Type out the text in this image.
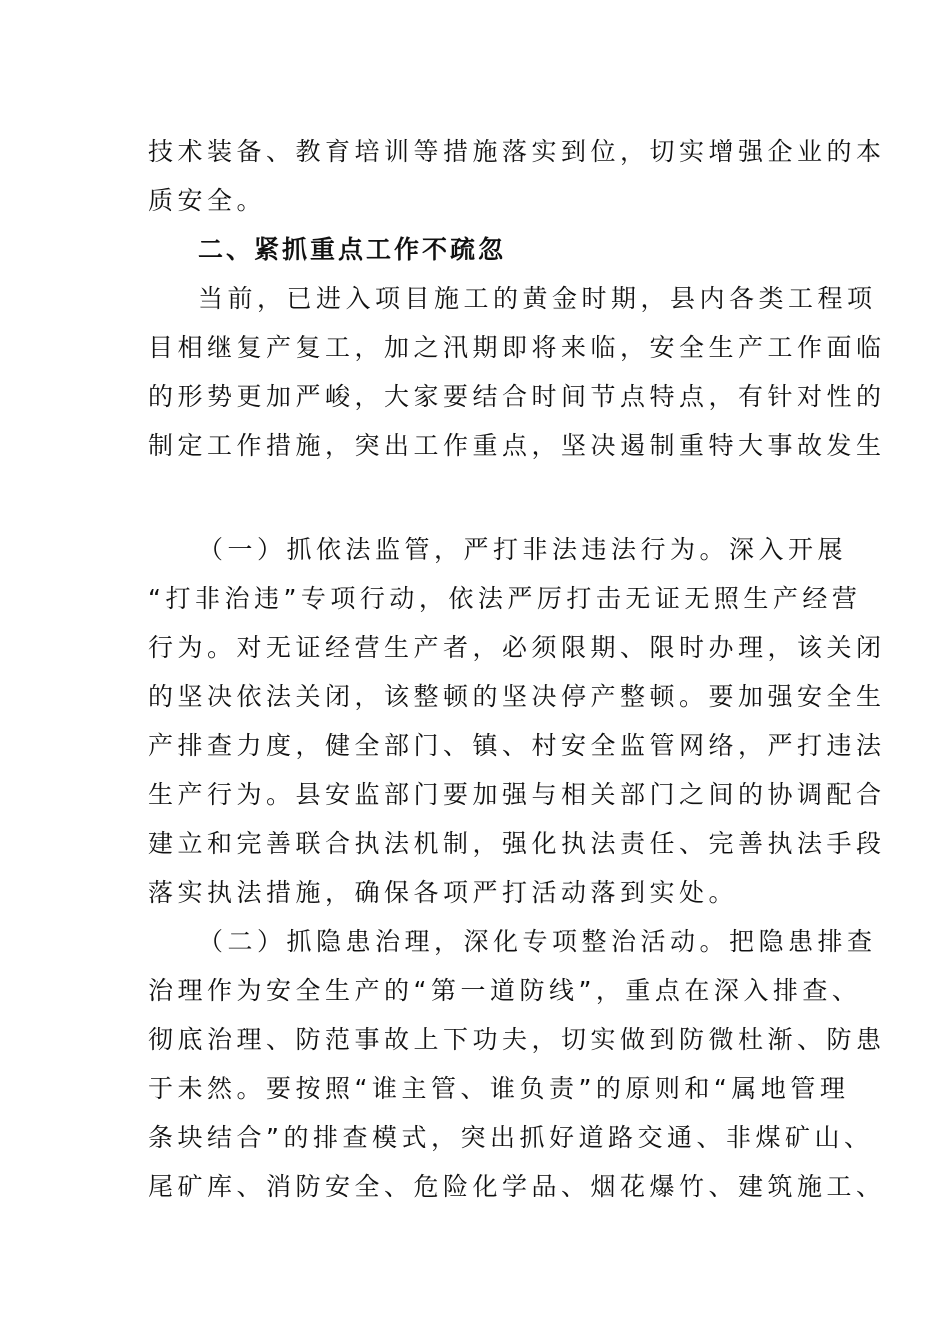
技术装备、教育培训等措施落实到位，切实增强企业的本
质安全。
二、紧抓重点工作不疏忽
当前，已进入项目施工的黄金时期，县内各类工程项
目相继复产复工，加之汛期即将来临，安全生产工作面临
的形势更加严峻，大家要结合时间节点特点，有针对性的
制定工作措施，突出工作重点，坚决遏制重特大事故发生
（一）抓依法监管，严打非法违法行为。深入开展
“打非治违”专项行动，依法严厉打击无证无照生产经营
行为。对无证经营生产者，必须限期、限时办理，该关闭
的坚决依法关闭，该整顿的坚决停产整顿。要加强安全生
产排查力度，健全部门、镇、村安全监管网络，严打违法
生产行为。县安监部门要加强与相关部门之间的协调配合
建立和完善联合执法机制，强化执法责任、完善执法手段
落实执法措施，确保各项严打活动落到实处。
（二）抓隐患治理，深化专项整治活动。把隐患排查
治理作为安全生产的“第一道防线”，重点在深入排查、
彻底治理、防范事故上下功夫，切实做到防微杜渐、防患
于未然。要按照“谁主管、谁负责”的原则和“属地管理
条块结合”的排查模式，突出抓好道路交通、非煤矿山、
尾矿库、消防安全、危险化学品、烟花爆竹、建筑施工、
